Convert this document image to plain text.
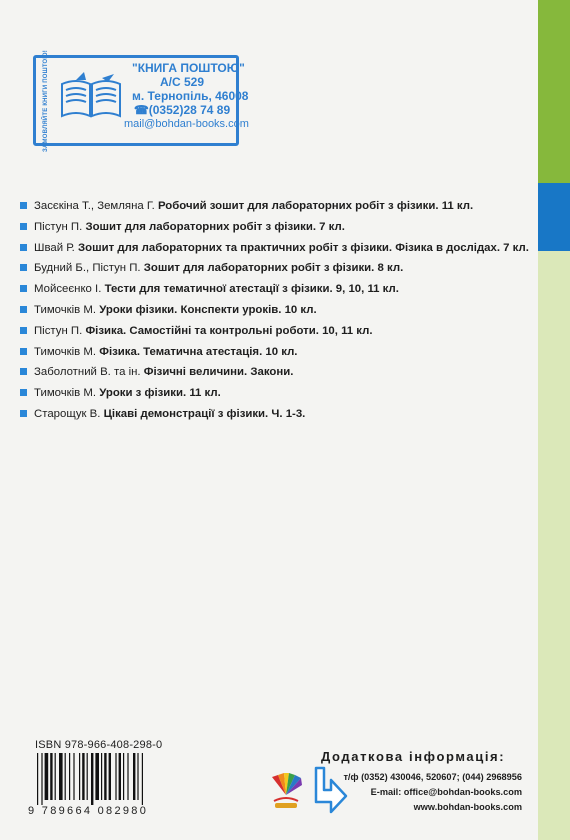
ЗАМОВЛЯЙТЕ КНИГИ ПОШТОЮ!	"КНИГА ПОШТОЮ"
А/С 529
м. Тернопіль, 46008
☎(0352)28 74 89
mail@bohdan-books.com
Засєкіна Т., Земляна Г. Робочий зошит для лабораторних робіт з фізики. 11 кл.
Пістун П. Зошит для лабораторних робіт з фізики. 7 кл.
Швай Р. Зошит для лабораторних та практичних робіт з фізики. Фізика в дослідах. 7 кл.
Будний Б., Пістун П. Зошит для лабораторних робіт з фізики. 8 кл.
Мойсеєнко І. Тести для тематичної атестації з фізики. 9, 10, 11 кл.
Тимочків М. Уроки фізики. Конспекти уроків. 10 кл.
Пістун П. Фізика. Самостійні та контрольні роботи. 10, 11 кл.
Тимочків М. Фізика. Тематична атестація. 10 кл.
Заболотний В. та ін. Фізичні величини. Закони.
Тимочків М. Уроки з фізики. 11 кл.
Старощук В. Цікаві демонстрації з фізики. Ч. 1-3.
ISBN 978-966-408-298-0
9 789664 082980
Додаткова інформація:
т/ф (0352) 430046, 520607; (044) 2968956
E-mail: office@bohdan-books.com
www.bohdan-books.com
